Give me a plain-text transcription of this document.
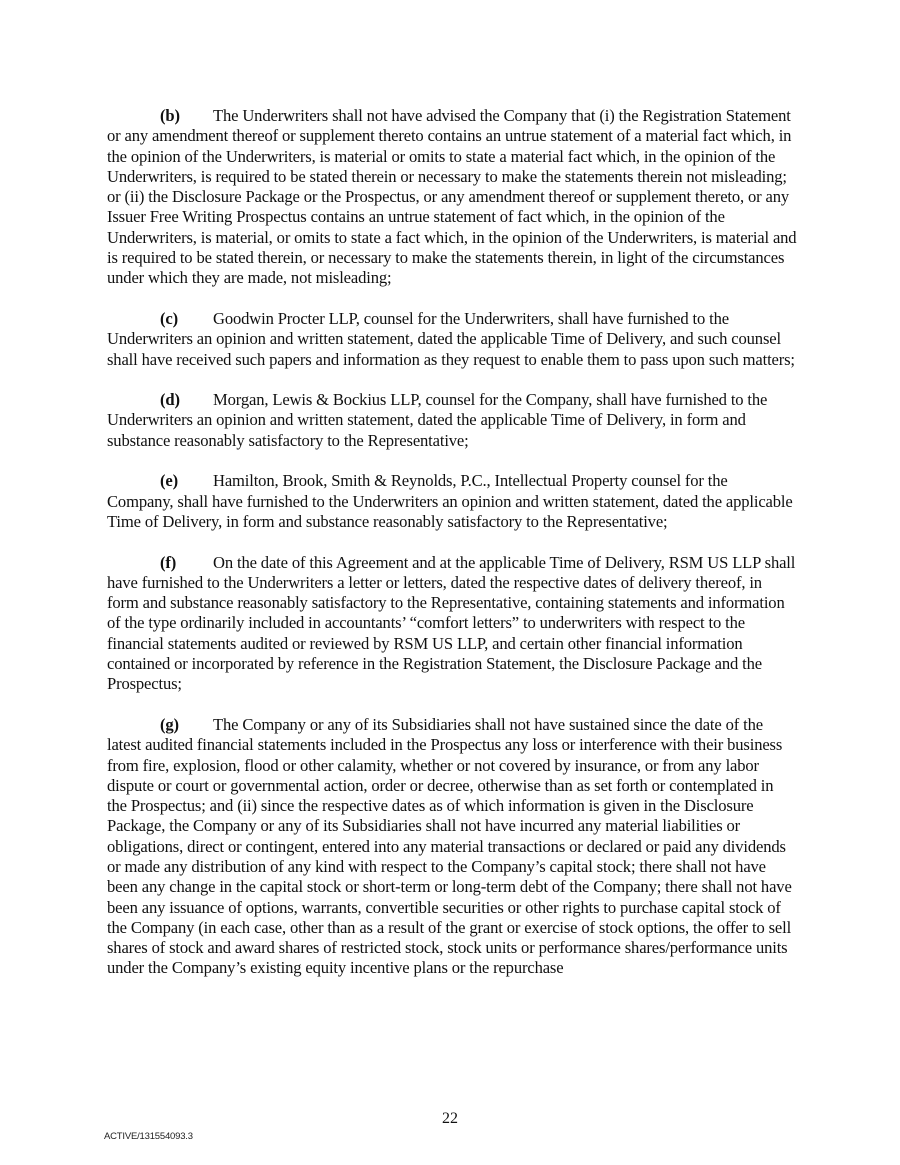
(b) The Underwriters shall not have advised the Company that (i) the Registration Statement or any amendment thereof or supplement thereto contains an untrue statement of a material fact which, in the opinion of the Underwriters, is material or omits to state a material fact which, in the opinion of the Underwriters, is required to be stated therein or necessary to make the statements therein not misleading; or (ii) the Disclosure Package or the Prospectus, or any amendment thereof or supplement thereto, or any Issuer Free Writing Prospectus contains an untrue statement of fact which, in the opinion of the Underwriters, is material, or omits to state a fact which, in the opinion of the Underwriters, is material and is required to be stated therein, or necessary to make the statements therein, in light of the circumstances under which they are made, not misleading;

(c) Goodwin Procter LLP, counsel for the Underwriters, shall have furnished to the Underwriters an opinion and written statement, dated the applicable Time of Delivery, and such counsel shall have received such papers and information as they request to enable them to pass upon such matters;

(d) Morgan, Lewis & Bockius LLP, counsel for the Company, shall have furnished to the Underwriters an opinion and written statement, dated the applicable Time of Delivery, in form and substance reasonably satisfactory to the Representative;

(e) Hamilton, Brook, Smith & Reynolds, P.C., Intellectual Property counsel for the Company, shall have furnished to the Underwriters an opinion and written statement, dated the applicable Time of Delivery, in form and substance reasonably satisfactory to the Representative;

(f) On the date of this Agreement and at the applicable Time of Delivery, RSM US LLP shall have furnished to the Underwriters a letter or letters, dated the respective dates of delivery thereof, in form and substance reasonably satisfactory to the Representative, containing statements and information of the type ordinarily included in accountants’ “comfort letters” to underwriters with respect to the financial statements audited or reviewed by RSM US LLP, and certain other financial information contained or incorporated by reference in the Registration Statement, the Disclosure Package and the Prospectus;

(g) The Company or any of its Subsidiaries shall not have sustained since the date of the latest audited financial statements included in the Prospectus any loss or interference with their business from fire, explosion, flood or other calamity, whether or not covered by insurance, or from any labor dispute or court or governmental action, order or decree, otherwise than as set forth or contemplated in the Prospectus; and (ii) since the respective dates as of which information is given in the Disclosure Package, the Company or any of its Subsidiaries shall not have incurred any material liabilities or obligations, direct or contingent, entered into any material transactions or declared or paid any dividends or made any distribution of any kind with respect to the Company’s capital stock; there shall not have been any change in the capital stock or short-term or long-term debt of the Company; there shall not have been any issuance of options, warrants, convertible securities or other rights to purchase capital stock of the Company (in each case, other than as a result of the grant or exercise of stock options, the offer to sell shares of stock and award shares of restricted stock, stock units or performance shares/performance units under the Company’s existing equity incentive plans or the repurchase

22
ACTIVE/131554093.3
